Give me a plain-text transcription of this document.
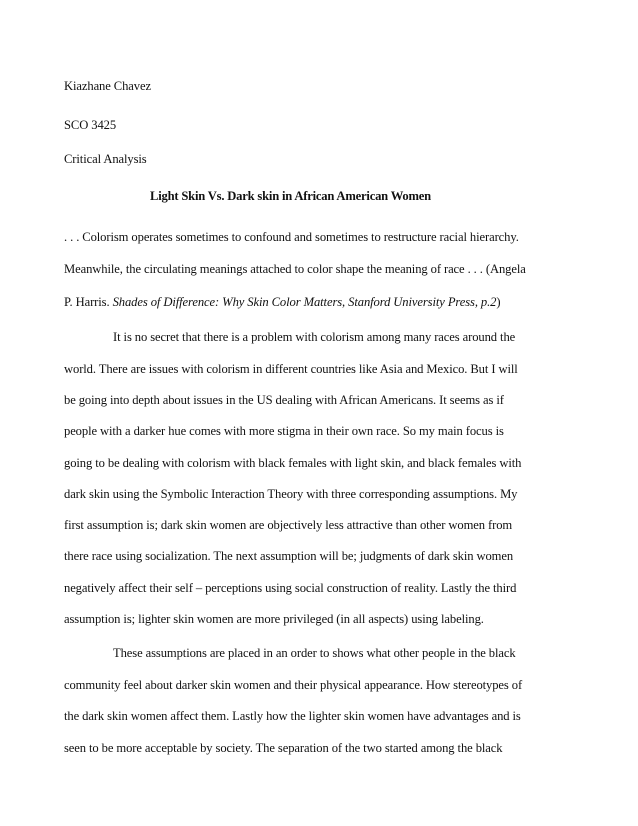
Kiazhane Chavez
SCO 3425
Critical Analysis
Light Skin Vs. Dark skin in African American Women
. . . Colorism operates sometimes to confound and sometimes to restructure racial hierarchy.
Meanwhile, the circulating meanings attached to color shape the meaning of race . . . (Angela
P. Harris. Shades of Difference: Why Skin Color Matters, Stanford University Press, p.2)
It is no secret that there is a problem with colorism among many races around the
world. There are issues with colorism in different countries like Asia and Mexico. But I will
be going into depth about issues in the US dealing with African Americans. It seems as if
people with a darker hue comes with more stigma in their own race. So my main focus is
going to be dealing with colorism with black females with light skin, and black females with
dark skin using the Symbolic Interaction Theory with three corresponding assumptions. My
first assumption is; dark skin women are objectively less attractive than other women from
there race using socialization. The next assumption will be; judgments of dark skin women
negatively affect their self – perceptions using social construction of reality. Lastly the third
assumption is; lighter skin women are more privileged (in all aspects) using labeling.
These assumptions are placed in an order to shows what other people in the black
community feel about darker skin women and their physical appearance. How stereotypes of
the dark skin women affect them. Lastly how the lighter skin women have advantages and is
seen to be more acceptable by society. The separation of the two started among the black
